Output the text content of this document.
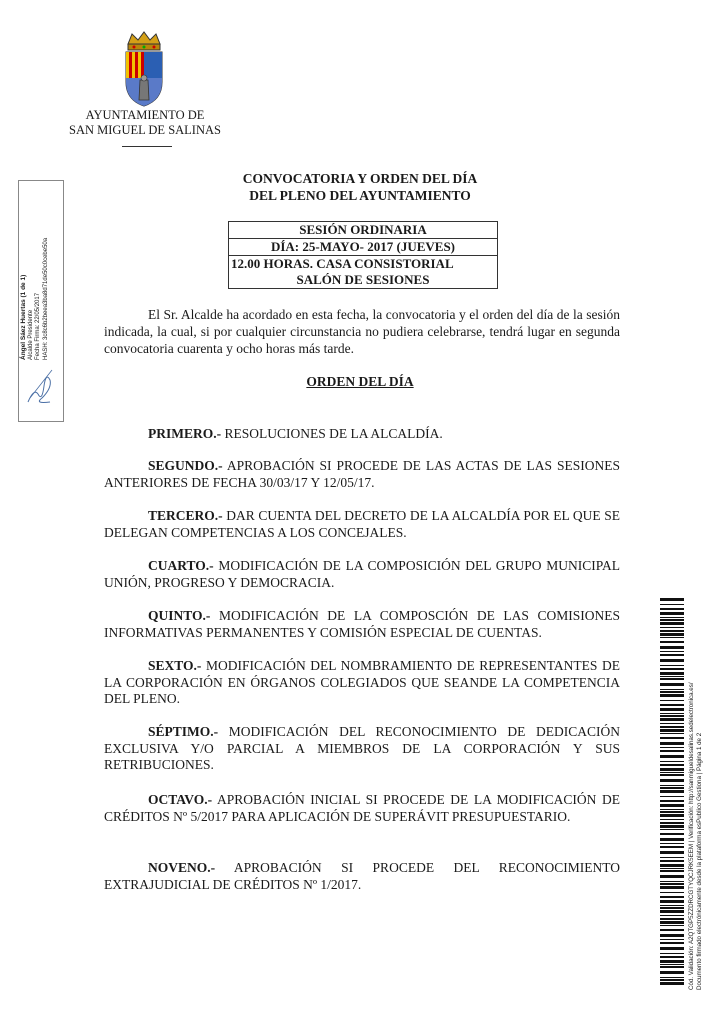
AYUNTAMIENTO DE
SAN MIGUEL DE SALINAS
CONVOCATORIA Y ORDEN DEL DÍA
DEL PLENO DEL AYUNTAMIENTO
SESIÓN ORDINARIA
DÍA: 25-MAYO- 2017 (JUEVES)
12.00 HORAS. CASA CONSISTORIAL
SALÓN DE SESIONES
El Sr. Alcalde ha acordado en esta fecha, la convocatoria y el orden del día de la sesión indicada, la cual, si por cualquier circunstancia no pudiera celebrarse, tendrá lugar en segunda convocatoria cuarenta y ocho horas más tarde.
ORDEN DEL DÍA
PRIMERO.- RESOLUCIONES DE LA ALCALDÍA.
SEGUNDO.- APROBACIÓN SI PROCEDE DE LAS ACTAS DE LAS SESIONES ANTERIORES DE FECHA 30/03/17 Y 12/05/17.
TERCERO.- DAR CUENTA DEL DECRETO DE LA ALCALDÍA POR EL QUE SE DELEGAN COMPETENCIAS A LOS CONCEJALES.
CUARTO.- MODIFICACIÓN DE LA COMPOSICIÓN DEL GRUPO MUNICIPAL UNIÓN, PROGRESO Y DEMOCRACIA.
QUINTO.- MODIFICACIÓN DE LA COMPOSCIÓN DE LAS COMISIONES INFORMATIVAS PERMANENTES Y COMISIÓN ESPECIAL DE CUENTAS.
SEXTO.- MODIFICACIÓN DEL NOMBRAMIENTO DE REPRESENTANTES DE LA CORPORACIÓN EN ÓRGANOS COLEGIADOS QUE SEANDE LA COMPETENCIA DEL PLENO.
SÉPTIMO.- MODIFICACIÓN DEL RECONOCIMIENTO DE DEDICACIÓN EXCLUSIVA Y/O PARCIAL A MIEMBROS DE LA CORPORACIÓN Y SUS RETRIBUCIONES.
OCTAVO.- APROBACIÓN INICIAL SI PROCEDE DE LA MODIFICACIÓN DE CRÉDITOS Nº 5/2017 PARA APLICACIÓN DE SUPERÁVIT PRESUPUESTARIO.
NOVENO.- APROBACIÓN SI PROCEDE DEL RECONOCIMIENTO EXTRAJUDICIAL DE CRÉDITOS Nº 1/2017.
Ángel Sáez Huertas (1 de 1) Alcalde Presidente Fecha Firma: 22/05/2017 HASH: 3c8c6b2beea3ba8d71de50c0cebe50a
Cód. Validación: A2QTGP5ZZDRCGTYQCJRK5EEM | Verificación: http://sanmigueldesalinas.sedelectronica.es/ Documento firmado electrónicamente desde la plataforma esPublico Gestiona | Página 1 de 2
